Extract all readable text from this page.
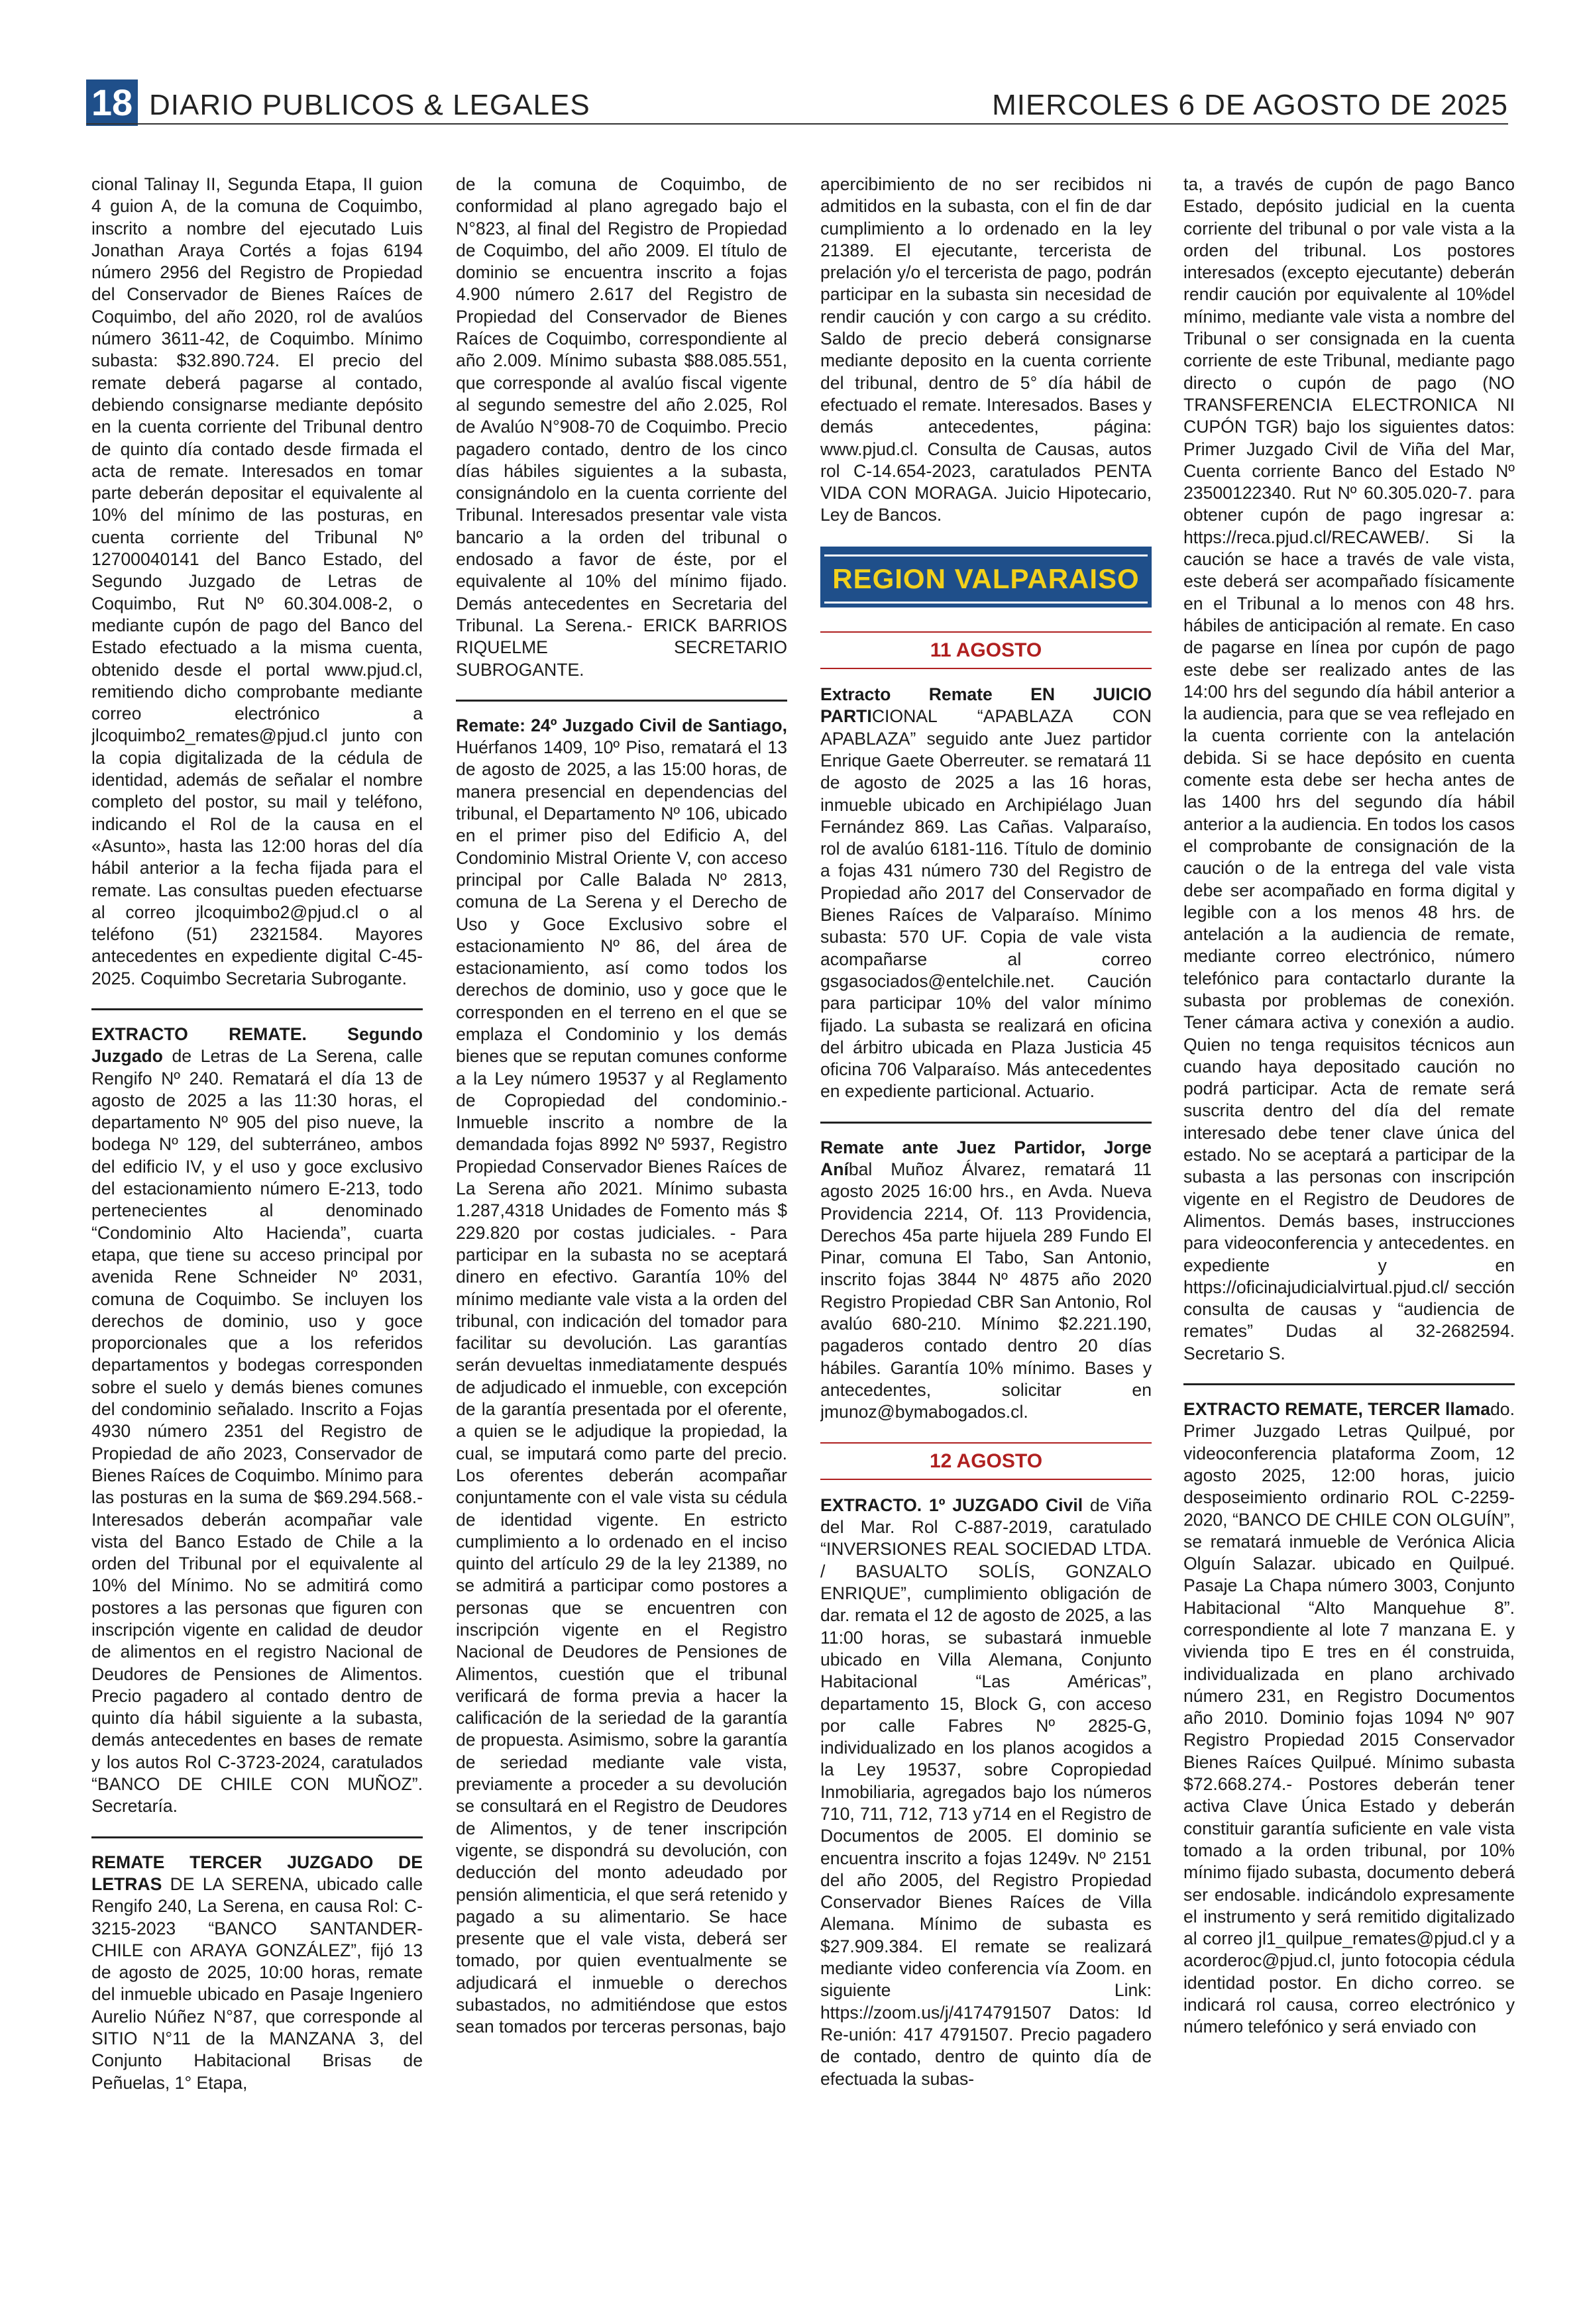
18 DIARIO PUBLICOS & LEGALES	MIERCOLES 6 DE AGOSTO DE 2025

cional Talinay II, Segunda Etapa, II guion 4 guion A, de la comuna de Coquimbo, inscrito a nombre del ejecutado Luis Jonathan Araya Cortés a fojas 6194 número 2956 del Registro de Propiedad del Conservador de Bienes Raíces de Coquimbo, del año 2020, rol de avalúos número 3611-42, de Coquimbo. Mínimo subasta: $32.890.724. El precio del remate deberá pagarse al contado, debiendo consignarse mediante depósito en la cuenta corriente del Tribunal dentro de quinto día contado desde firmada el acta de remate. Interesados en tomar parte deberán depositar el equivalente al 10% del mínimo de las posturas, en cuenta corriente del Tribunal Nº 12700040141 del Banco Estado, del Segundo Juzgado de Letras de Coquimbo, Rut Nº 60.304.008-2, o mediante cupón de pago del Banco del Estado efectuado a la misma cuenta, obtenido desde el portal www.pjud.cl, remitiendo dicho comprobante mediante correo electrónico a jlcoquimbo2_remates@pjud.cl junto con la copia digitalizada de la cédula de identidad, además de señalar el nombre completo del postor, su mail y teléfono, indicando el Rol de la causa en el «Asunto», hasta las 12:00 horas del día hábil anterior a la fecha fijada para el remate. Las consultas pueden efectuarse al correo jlcoquimbo2@pjud.cl o al teléfono (51) 2321584. Mayores antecedentes en expediente digital C-45-2025. Coquimbo Secretaria Subrogante.

EXTRACTO REMATE. Segundo Juzgado de Letras de La Serena, calle Rengifo Nº 240. Rematará el día 13 de agosto de 2025 a las 11:30 horas, el departamento Nº 905 del piso nueve, la bodega Nº 129, del subterráneo, ambos del edificio IV, y el uso y goce exclusivo del estacionamiento número E-213, todo pertenecientes al denominado “Condominio Alto Hacienda”, cuarta etapa, que tiene su acceso principal por avenida Rene Schneider Nº 2031, comuna de Coquimbo. Se incluyen los derechos de dominio, uso y goce proporcionales que a los referidos departamentos y bodegas corresponden sobre el suelo y demás bienes comunes del condominio señalado. Inscrito a Fojas 4930 número 2351 del Registro de Propiedad de año 2023, Conservador de Bienes Raíces de Coquimbo. Mínimo para las posturas en la suma de $69.294.568.- Interesados deberán acompañar vale vista del Banco Estado de Chile a la orden del Tribunal por el equivalente al 10% del Mínimo. No se admitirá como postores a las personas que figuren con inscripción vigente en calidad de deudor de alimentos en el registro Nacional de Deudores de Pensiones de Alimentos. Precio pagadero al contado dentro de quinto día hábil siguiente a la subasta, demás antecedentes en bases de remate y los autos Rol C-3723-2024, caratulados “BANCO DE CHILE CON MUÑOZ”. Secretaría.

REMATE TERCER JUZGADO DE LETRAS DE LA SERENA, ubicado calle Rengifo 240, La Serena, en causa Rol: C-3215-2023 “BANCO SANTANDER- CHILE con ARAYA GONZÁLEZ”, fijó 13 de agosto de 2025, 10:00 horas, remate del inmueble ubicado en Pasaje Ingeniero Aurelio Núñez N°87, que corresponde al SITIO N°11 de la MANZANA 3, del Conjunto Habitacional Brisas de Peñuelas, 1° Etapa,

de la comuna de Coquimbo, de conformidad al plano agregado bajo el N°823, al final del Registro de Propiedad de Coquimbo, del año 2009. El título de dominio se encuentra inscrito a fojas 4.900 número 2.617 del Registro de Propiedad del Conservador de Bienes Raíces de Coquimbo, correspondiente al año 2.009. Mínimo subasta $88.085.551, que corresponde al avalúo fiscal vigente al segundo semestre del año 2.025, Rol de Avalúo N°908-70 de Coquimbo. Precio pagadero contado, dentro de los cinco días hábiles siguientes a la subasta, consignándolo en la cuenta corriente del Tribunal. Interesados presentar vale vista bancario a la orden del tribunal o endosado a favor de éste, por el equivalente al 10% del mínimo fijado. Demás antecedentes en Secretaria del Tribunal. La Serena.- ERICK BARRIOS RIQUELME SECRETARIO SUBROGANTE.

Remate: 24º Juzgado Civil de Santiago, Huérfanos 1409, 10º Piso, rematará el 13 de agosto de 2025, a las 15:00 horas, de manera presencial en dependencias del tribunal, el Departamento Nº 106, ubicado en el primer piso del Edificio A, del Condominio Mistral Oriente V, con acceso principal por Calle Balada Nº 2813, comuna de La Serena y el Derecho de Uso y Goce Exclusivo sobre el estacionamiento Nº 86, del área de estacionamiento, así como todos los derechos de dominio, uso y goce que le corresponden en el terreno en el que se emplaza el Condominio y los demás bienes que se reputan comunes conforme a la Ley número 19537 y al Reglamento de Copropiedad del condominio.- Inmueble inscrito a nombre de la demandada fojas 8992 Nº 5937, Registro Propiedad Conservador Bienes Raíces de La Serena año 2021. Mínimo subasta 1.287,4318 Unidades de Fomento más $ 229.820 por costas judiciales. - Para participar en la subasta no se aceptará dinero en efectivo. Garantía 10% del mínimo mediante vale vista a la orden del tribunal, con indicación del tomador para facilitar su devolución. Las garantías serán devueltas inmediatamente después de adjudicado el inmueble, con excepción de la garantía presentada por el oferente, a quien se le adjudique la propiedad, la cual, se imputará como parte del precio. Los oferentes deberán acompañar conjuntamente con el vale vista su cédula de identidad vigente. En estricto cumplimiento a lo ordenado en el inciso quinto del artículo 29 de la ley 21389, no se admitirá a participar como postores a personas que se encuentren con inscripción vigente en el Registro Nacional de Deudores de Pensiones de Alimentos, cuestión que el tribunal verificará de forma previa a hacer la calificación de la seriedad de la garantía de propuesta. Asimismo, sobre la garantía de seriedad mediante vale vista, previamente a proceder a su devolución se consultará en el Registro de Deudores de Alimentos, y de tener inscripción vigente, se dispondrá su devolución, con deducción del monto adeudado por pensión alimenticia, el que será retenido y pagado a su alimentario. Se hace presente que el vale vista, deberá ser tomado, por quien eventualmente se adjudicará el inmueble o derechos subastados, no admitiéndose que estos sean tomados por terceras personas, bajo

apercibimiento de no ser recibidos ni admitidos en la subasta, con el fin de dar cumplimiento a lo ordenado en la ley 21389. El ejecutante, tercerista de prelación y/o el tercerista de pago, podrán participar en la subasta sin necesidad de rendir caución y con cargo a su crédito. Saldo de precio deberá consignarse mediante deposito en la cuenta corriente del tribunal, dentro de 5° día hábil de efectuado el remate. Interesados. Bases y demás antecedentes, página: www.pjud.cl. Consulta de Causas, autos rol C-14.654-2023, caratulados PENTA VIDA CON MORAGA. Juicio Hipotecario, Ley de Bancos.

REGION VALPARAISO
11 AGOSTO

Extracto Remate EN JUICIO PARTICIONAL “APABLAZA CON APABLAZA” seguido ante Juez partidor Enrique Gaete Oberreuter. se rematará 11 de agosto de 2025 a las 16 horas, inmueble ubicado en Archipiélago Juan Fernández 869. Las Cañas. Valparaíso, rol de avalúo 6181-116. Título de dominio a fojas 431 número 730 del Registro de Propiedad año 2017 del Conservador de Bienes Raíces de Valparaíso. Mínimo subasta: 570 UF. Copia de vale vista acompañarse al correo gsgasociados@entelchile.net. Caución para participar 10% del valor mínimo fijado. La subasta se realizará en oficina del árbitro ubicada en Plaza Justicia 45 oficina 706 Valparaíso. Más antecedentes en expediente particional. Actuario.

Remate ante Juez Partidor, Jorge Aníbal Muñoz Álvarez, rematará 11 agosto 2025 16:00 hrs., en Avda. Nueva Providencia 2214, Of. 113 Providencia, Derechos 45a parte hijuela 289 Fundo El Pinar, comuna El Tabo, San Antonio, inscrito fojas 3844 Nº 4875 año 2020 Registro Propiedad CBR San Antonio, Rol avalúo 680-210. Mínimo $2.221.190, pagaderos contado dentro 20 días hábiles. Garantía 10% mínimo. Bases y antecedentes, solicitar en jmunoz@bymabogados.cl.

12 AGOSTO

EXTRACTO. 1º JUZGADO Civil de Viña del Mar. Rol C-887-2019, caratulado “INVERSIONES REAL SOCIEDAD LTDA. / BASUALTO SOLÍS, GONZALO ENRIQUE”, cumplimiento obligación de dar. remata el 12 de agosto de 2025, a las 11:00 horas, se subastará inmueble ubicado en Villa Alemana, Conjunto Habitacional “Las Américas”, departamento 15, Block G, con acceso por calle Fabres Nº 2825-G, individualizado en los planos acogidos a la Ley 19537, sobre Copropiedad Inmobiliaria, agregados bajo los números 710, 711, 712, 713 y714 en el Registro de Documentos de 2005. El dominio se encuentra inscrito a fojas 1249v. Nº 2151 del año 2005, del Registro Propiedad Conservador Bienes Raíces de Villa Alemana. Mínimo de subasta es $27.909.384. El remate se realizará mediante video conferencia vía Zoom. en siguiente Link: https://zoom.us/j/4174791507 Datos: Id Re-unión: 417 4791507. Precio pagadero de contado, dentro de quinto día de efectuada la subas-

ta, a través de cupón de pago Banco Estado, depósito judicial en la cuenta corriente del tribunal o por vale vista a la orden del tribunal. Los postores interesados (excepto ejecutante) deberán rendir caución por equivalente al 10%del mínimo, mediante vale vista a nombre del Tribunal o ser consignada en la cuenta corriente de este Tribunal, mediante pago directo o cupón de pago (NO TRANSFERENCIA ELECTRONICA NI CUPÓN TGR) bajo los siguientes datos: Primer Juzgado Civil de Viña del Mar, Cuenta corriente Banco del Estado Nº 23500122340. Rut Nº 60.305.020-7. para obtener cupón de pago ingresar a: https://reca.pjud.cl/RECAWEB/. Si la caución se hace a través de vale vista, este deberá ser acompañado físicamente en el Tribunal a lo menos con 48 hrs. hábiles de anticipación al remate. En caso de pagarse en línea por cupón de pago este debe ser realizado antes de las 14:00 hrs del segundo día hábil anterior a la audiencia, para que se vea reflejado en la cuenta corriente con la antelación debida. Si se hace depósito en cuenta comente esta debe ser hecha antes de las 1400 hrs del segundo día hábil anterior a la audiencia. En todos los casos el comprobante de consignación de la caución o de la entrega del vale vista debe ser acompañado en forma digital y legible con a los menos 48 hrs. de antelación a la audiencia de remate, mediante correo electrónico, número telefónico para contactarlo durante la subasta por problemas de conexión. Tener cámara activa y conexión a audio. Quien no tenga requisitos técnicos aun cuando haya depositado caución no podrá participar. Acta de remate será suscrita dentro del día del remate interesado debe tener clave única del estado. No se aceptará a participar de la subasta a las personas con inscripción vigente en el Registro de Deudores de Alimentos. Demás bases, instrucciones para videoconferencia y antecedentes. en expediente y en https://oficinajudicialvirtual.pjud.cl/ sección consulta de causas y “audiencia de remates” Dudas al 32-2682594. Secretario S.

EXTRACTO REMATE, TERCER llamado. Primer Juzgado Letras Quilpué, por videoconferencia plataforma Zoom, 12 agosto 2025, 12:00 horas, juicio desposeimiento ordinario ROL C-2259-2020, “BANCO DE CHILE CON OLGUÍN”, se rematará inmueble de Verónica Alicia Olguín Salazar. ubicado en Quilpué. Pasaje La Chapa número 3003, Conjunto Habitacional “Alto Manquehue 8”. correspondiente al lote 7 manzana E. y vivienda tipo E tres en él construida, individualizada en plano archivado número 231, en Registro Documentos año 2010. Dominio fojas 1094 Nº 907 Registro Propiedad 2015 Conservador Bienes Raíces Quilpué. Mínimo subasta $72.668.274.- Postores deberán tener activa Clave Única Estado y deberán constituir garantía suficiente en vale vista tomado a la orden tribunal, por 10% mínimo fijado subasta, documento deberá ser endosable. indicándolo expresamente el instrumento y será remitido digitalizado al correo jl1_quilpue_remates@pjud.cl y a acorderoc@pjud.cl, junto fotocopia cédula identidad postor. En dicho correo. se indicará rol causa, correo electrónico y número telefónico y será enviado con
